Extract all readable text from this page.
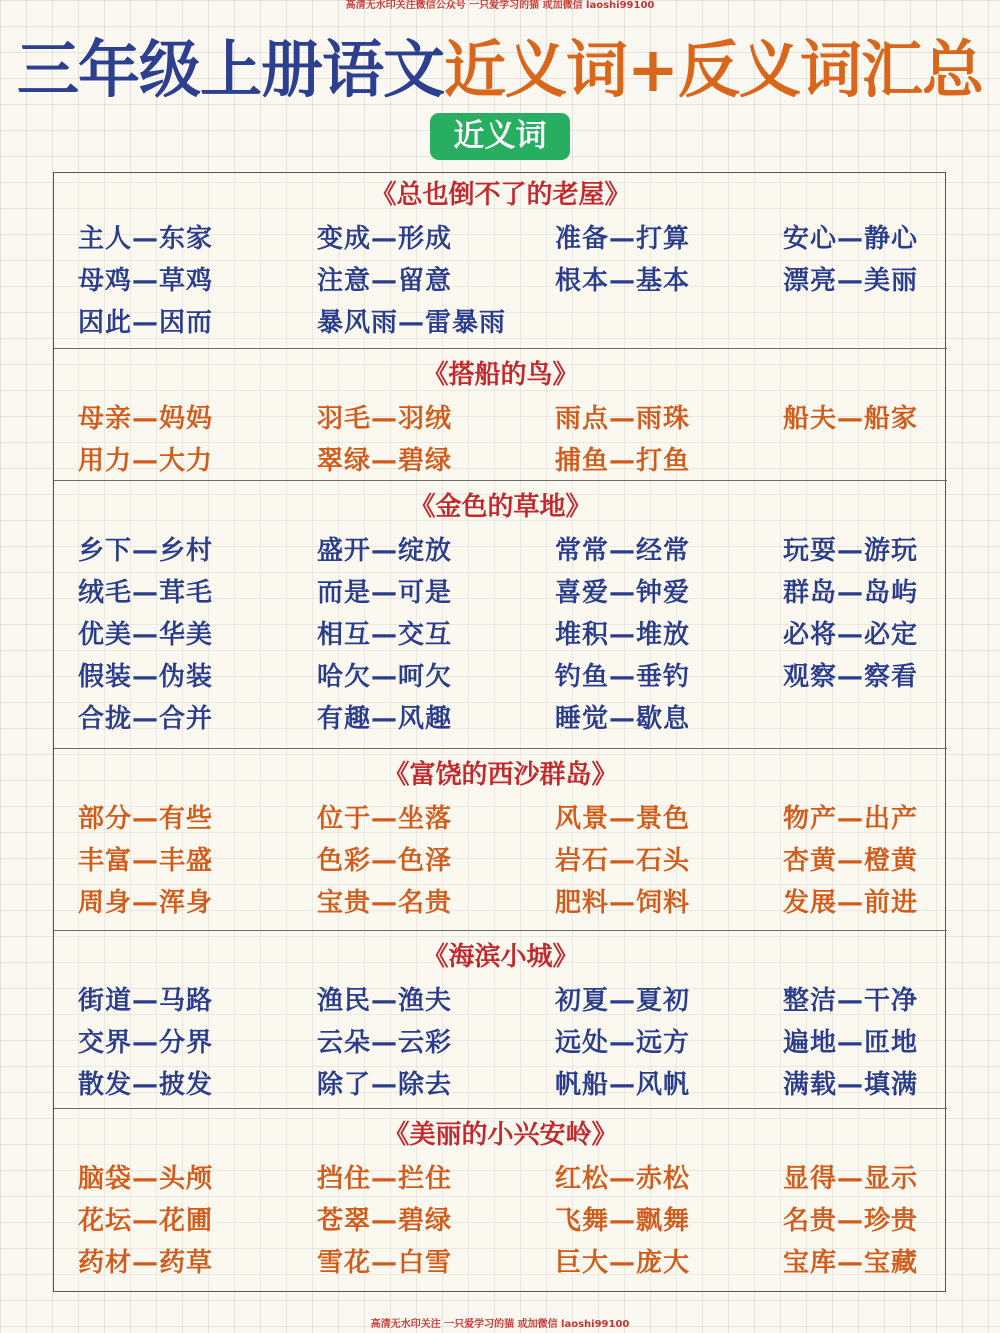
高清无水印关注微信公众号 一只爱学习的猫 或加微信 laoshi99100
三年级上册语文近义词+反义词汇总
近义词
《总也倒不了的老屋》
主人—东家	变成—形成	准备—打算	安心—静心
母鸡—草鸡	注意—留意	根本—基本	漂亮—美丽
因此—因而	暴风雨—雷暴雨
《搭船的鸟》
母亲—妈妈	羽毛—羽绒	雨点—雨珠	船夫—船家
用力—大力	翠绿—碧绿	捕鱼—打鱼
《金色的草地》
乡下—乡村	盛开—绽放	常常—经常	玩耍—游玩
绒毛—茸毛	而是—可是	喜爱—钟爱	群岛—岛屿
优美—华美	相互—交互	堆积—堆放	必将—必定
假装—伪装	哈欠—呵欠	钓鱼—垂钓	观察—察看
合拢—合并	有趣—风趣	睡觉—歇息
《富饶的西沙群岛》
部分—有些	位于—坐落	风景—景色	物产—出产
丰富—丰盛	色彩—色泽	岩石—石头	杏黄—橙黄
周身—浑身	宝贵—名贵	肥料—饲料	发展—前进
《海滨小城》
街道—马路	渔民—渔夫	初夏—夏初	整洁—干净
交界—分界	云朵—云彩	远处—远方	遍地—匝地
散发—披发	除了—除去	帆船—风帆	满载—填满
《美丽的小兴安岭》
脑袋—头颅	挡住—拦住	红松—赤松	显得—显示
花坛—花圃	苍翠—碧绿	飞舞—飘舞	名贵—珍贵
药材—药草	雪花—白雪	巨大—庞大	宝库—宝藏
高清无水印关注 一只爱学习的猫 或加微信 laoshi99100
